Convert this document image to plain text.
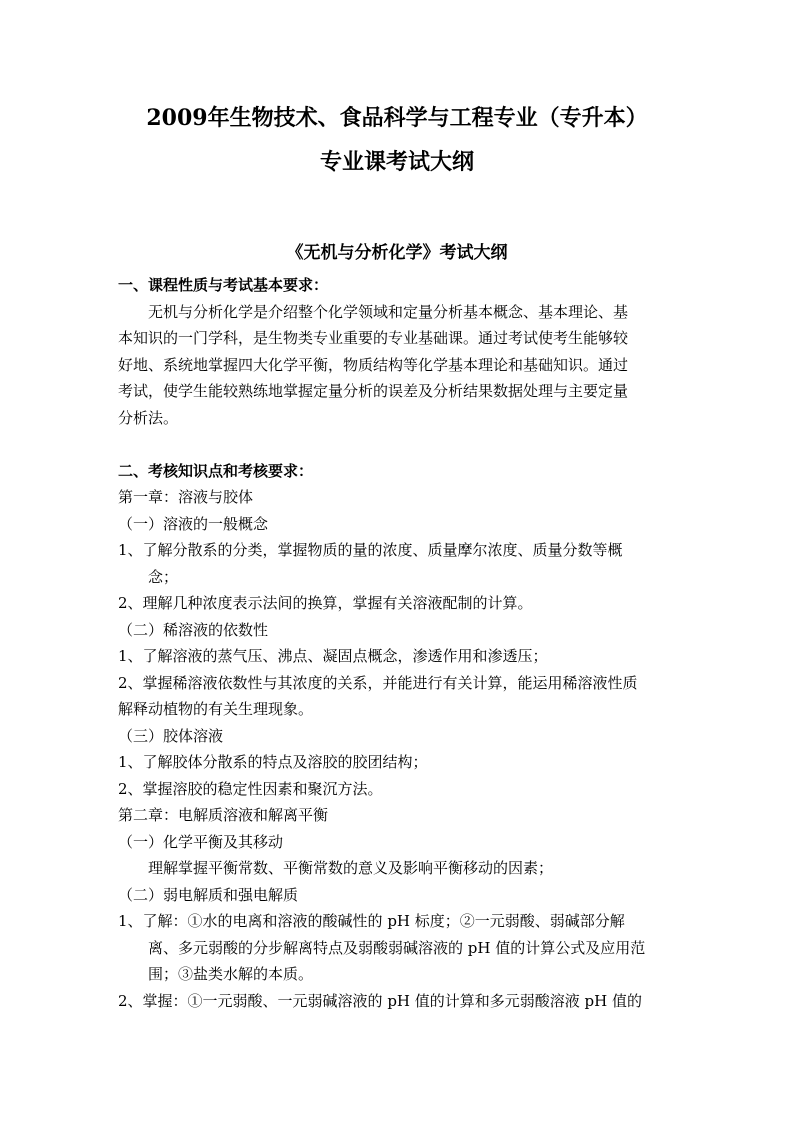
2009年生物技术、食品科学与工程专业（专升本）
专业课考试大纲
《无机与分析化学》考试大纲
一、课程性质与考试基本要求：
无机与分析化学是介绍整个化学领域和定量分析基本概念、基本理论、基
本知识的一门学科，是生物类专业重要的专业基础课。通过考试使考生能够较
好地、系统地掌握四大化学平衡，物质结构等化学基本理论和基础知识。通过
考试，使学生能较熟练地掌握定量分析的误差及分析结果数据处理与主要定量
分析法。
二、考核知识点和考核要求：
第一章：溶液与胶体
（一）溶液的一般概念
1、了解分散系的分类，掌握物质的量的浓度、质量摩尔浓度、质量分数等概
念；
2、理解几种浓度表示法间的换算，掌握有关溶液配制的计算。
（二）稀溶液的依数性
1、了解溶液的蒸气压、沸点、凝固点概念，渗透作用和渗透压；
2、掌握稀溶液依数性与其浓度的关系，并能进行有关计算，能运用稀溶液性质
解释动植物的有关生理现象。
（三）胶体溶液
1、了解胶体分散系的特点及溶胶的胶团结构；
2、掌握溶胶的稳定性因素和聚沉方法。
第二章：电解质溶液和解离平衡
（一）化学平衡及其移动
理解掌握平衡常数、平衡常数的意义及影响平衡移动的因素；
（二）弱电解质和强电解质
1、了解：①水的电离和溶液的酸碱性的 pH 标度；②一元弱酸、弱碱部分解
离、多元弱酸的分步解离特点及弱酸弱碱溶液的 pH 值的计算公式及应用范
围；③盐类水解的本质。
2、掌握：①一元弱酸、一元弱碱溶液的 pH 值的计算和多元弱酸溶液 pH 值的
